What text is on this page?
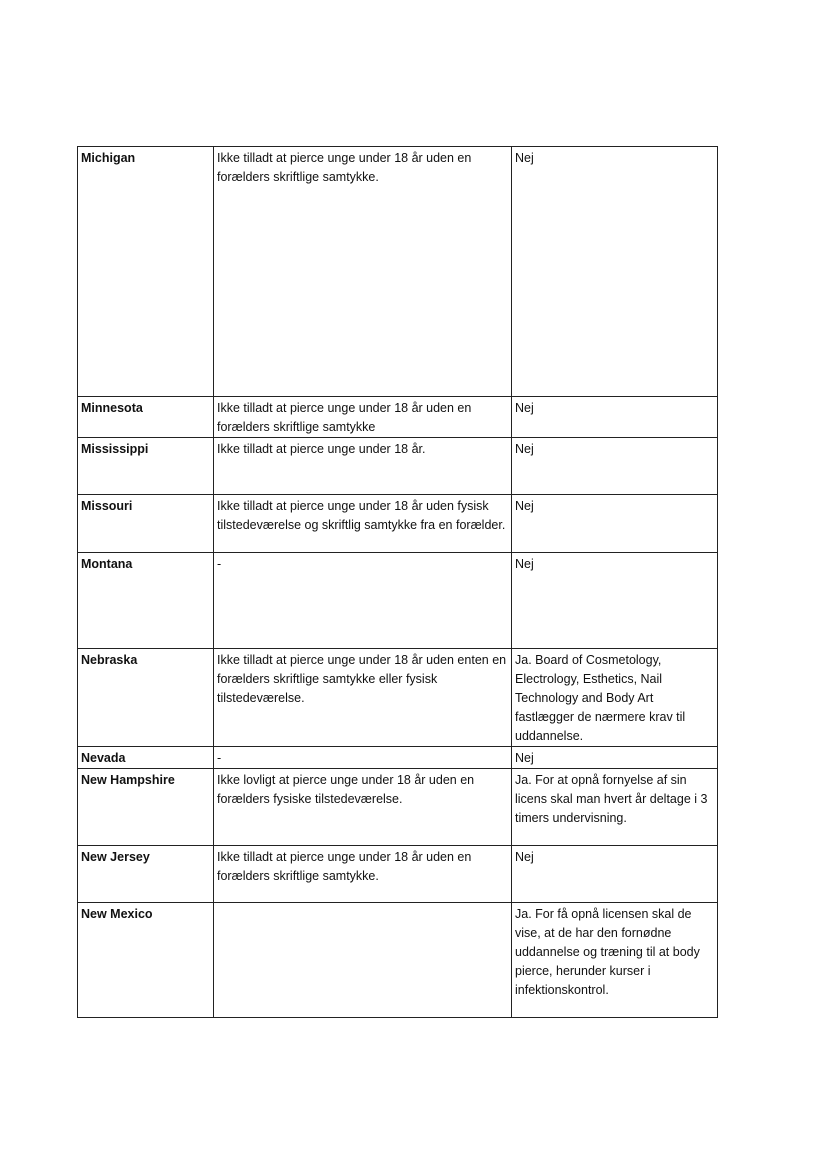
Michigan	Ikke tilladt at pierce unge under 18 år uden en forælders skriftlige samtykke.	Nej
Minnesota	Ikke tilladt at pierce unge under 18 år uden en forælders skriftlige samtykke	Nej
Mississippi	Ikke tilladt at pierce unge under 18 år.	Nej
Missouri	Ikke tilladt at pierce unge under 18 år uden fysisk tilstedeværelse og skriftlig samtykke fra en forælder.	Nej
Montana	-	Nej
Nebraska	Ikke tilladt at pierce unge under 18 år uden enten en forælders skriftlige samtykke eller fysisk tilstedeværelse.	Ja. Board of Cosmetology, Electrology, Esthetics, Nail Technology and Body Art fastlægger de nærmere krav til uddannelse.
Nevada	-	Nej
New Hampshire	Ikke lovligt at pierce unge under 18 år uden en forælders fysiske tilstedeværelse.	Ja. For at opnå fornyelse af sin licens skal man hvert år deltage i 3 timers undervisning.
New Jersey	Ikke tilladt at pierce unge under 18 år uden en forælders skriftlige samtykke.	Nej
New Mexico		Ja. For få opnå licensen skal de vise, at de har den fornødne uddannelse og træning til at body pierce, herunder kurser i infektionskontrol.
